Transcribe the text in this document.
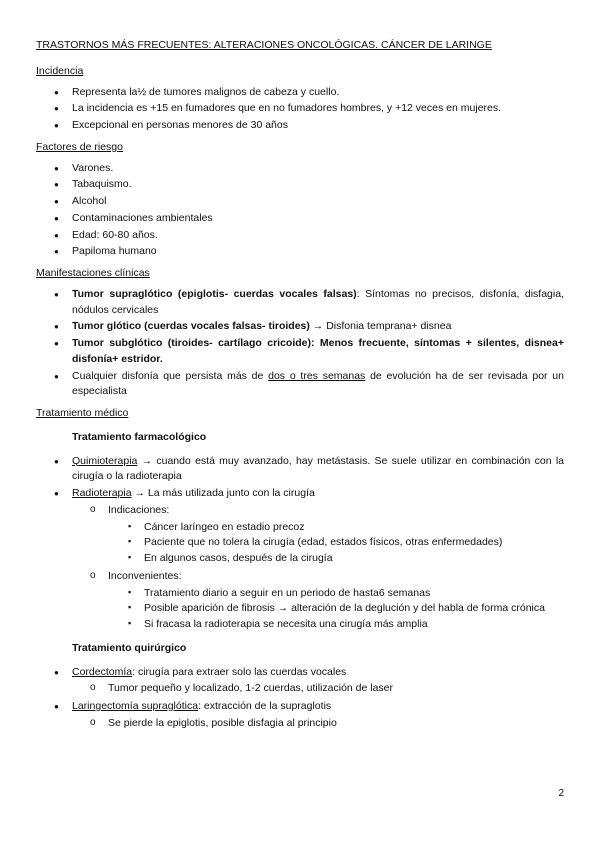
TRASTORNOS MÁS FRECUENTES: ALTERACIONES ONCOLÓGICAS. CÁNCER DE LARINGE
Incidencia
● Representa la½ de tumores malignos de cabeza y cuello.
● La incidencia es +15 en fumadores que en no fumadores hombres, y +12 veces en mujeres.
● Excepcional en personas menores de 30 años
Factores de riesgo
● Varones.
● Tabaquismo.
● Alcohol
● Contaminaciones ambientales
● Edad: 60-80 años.
● Papiloma humano
Manifestaciones clínicas
● Tumor supraglótico (epiglotis- cuerdas vocales falsas): Síntomas no precisos, disfonía, disfagia, nódulos cervicales
● Tumor glótico (cuerdas vocales falsas- tiroides) → Disfonia temprana+ disnea
● Tumor subglótico (tiroides- cartílago cricoide): Menos frecuente, síntomas + silentes, disnea+ disfonía+ estridor.
● Cualquier disfonía que persista más de dos o tres semanas de evolución ha de ser revisada por un especialista
Tratamiento médico
Tratamiento farmacológico
● Quimioterapia → cuando está muy avanzado, hay metástasis. Se suele utilizar en combinación con la cirugía o la radioterapia
● Radioterapia → La más utilizada junto con la cirugía
o Indicaciones:
▪ Cáncer laríngeo en estadio precoz
▪ Paciente que no tolera la cirugía (edad, estados físicos, otras enfermedades)
▪ En algunos casos, después de la cirugía
o Inconvenientes:
▪ Tratamiento diario a seguir en un periodo de hasta6 semanas
▪ Posible aparición de fibrosis → alteración de la deglución y del habla de forma crónica
▪ Si fracasa la radioterapia se necesita una cirugía más amplia
Tratamiento quirúrgico
● Cordectomía: cirugía para extraer solo las cuerdas vocales
o Tumor pequeño y localizado, 1-2 cuerdas, utilización de laser
● Laringectomía supraglótica: extracción de la supraglotis
o Se pierde la epiglotis, posible disfagia al principio
2
